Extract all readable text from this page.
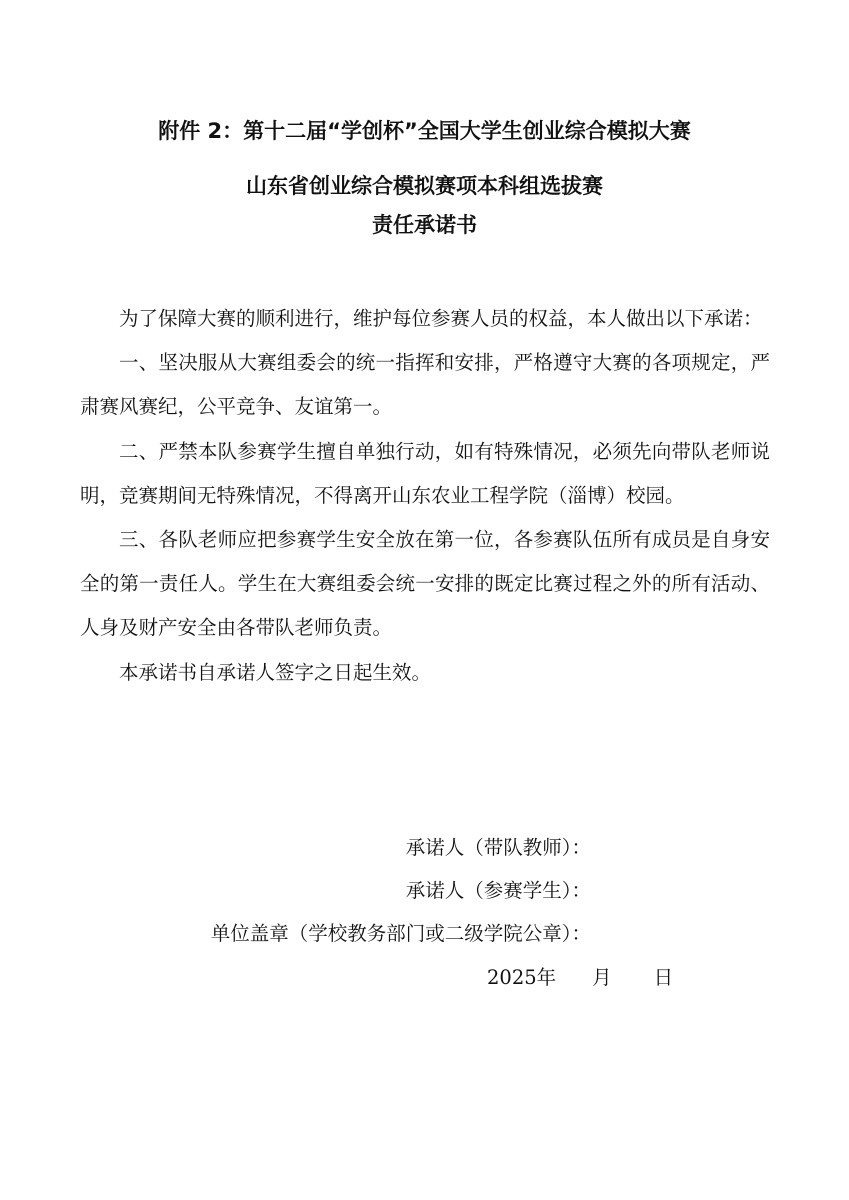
附件 2：第十二届“学创杯”全国大学生创业综合模拟大赛
山东省创业综合模拟赛项本科组选拔赛
责任承诺书

为了保障大赛的顺利进行，维护每位参赛人员的权益，本人做出以下承诺：

一、坚决服从大赛组委会的统一指挥和安排，严格遵守大赛的各项规定，严肃赛风赛纪，公平竞争、友谊第一。

二、严禁本队参赛学生擅自单独行动，如有特殊情况，必须先向带队老师说明，竞赛期间无特殊情况，不得离开山东农业工程学院（淄博）校园。

三、各队老师应把参赛学生安全放在第一位，各参赛队伍所有成员是自身安全的第一责任人。学生在大赛组委会统一安排的既定比赛过程之外的所有活动、人身及财产安全由各带队老师负责。

本承诺书自承诺人签字之日起生效。

承诺人（带队教师）：
承诺人（参赛学生）：
单位盖章（学校教务部门或二级学院公章）：
2025年 月 日
